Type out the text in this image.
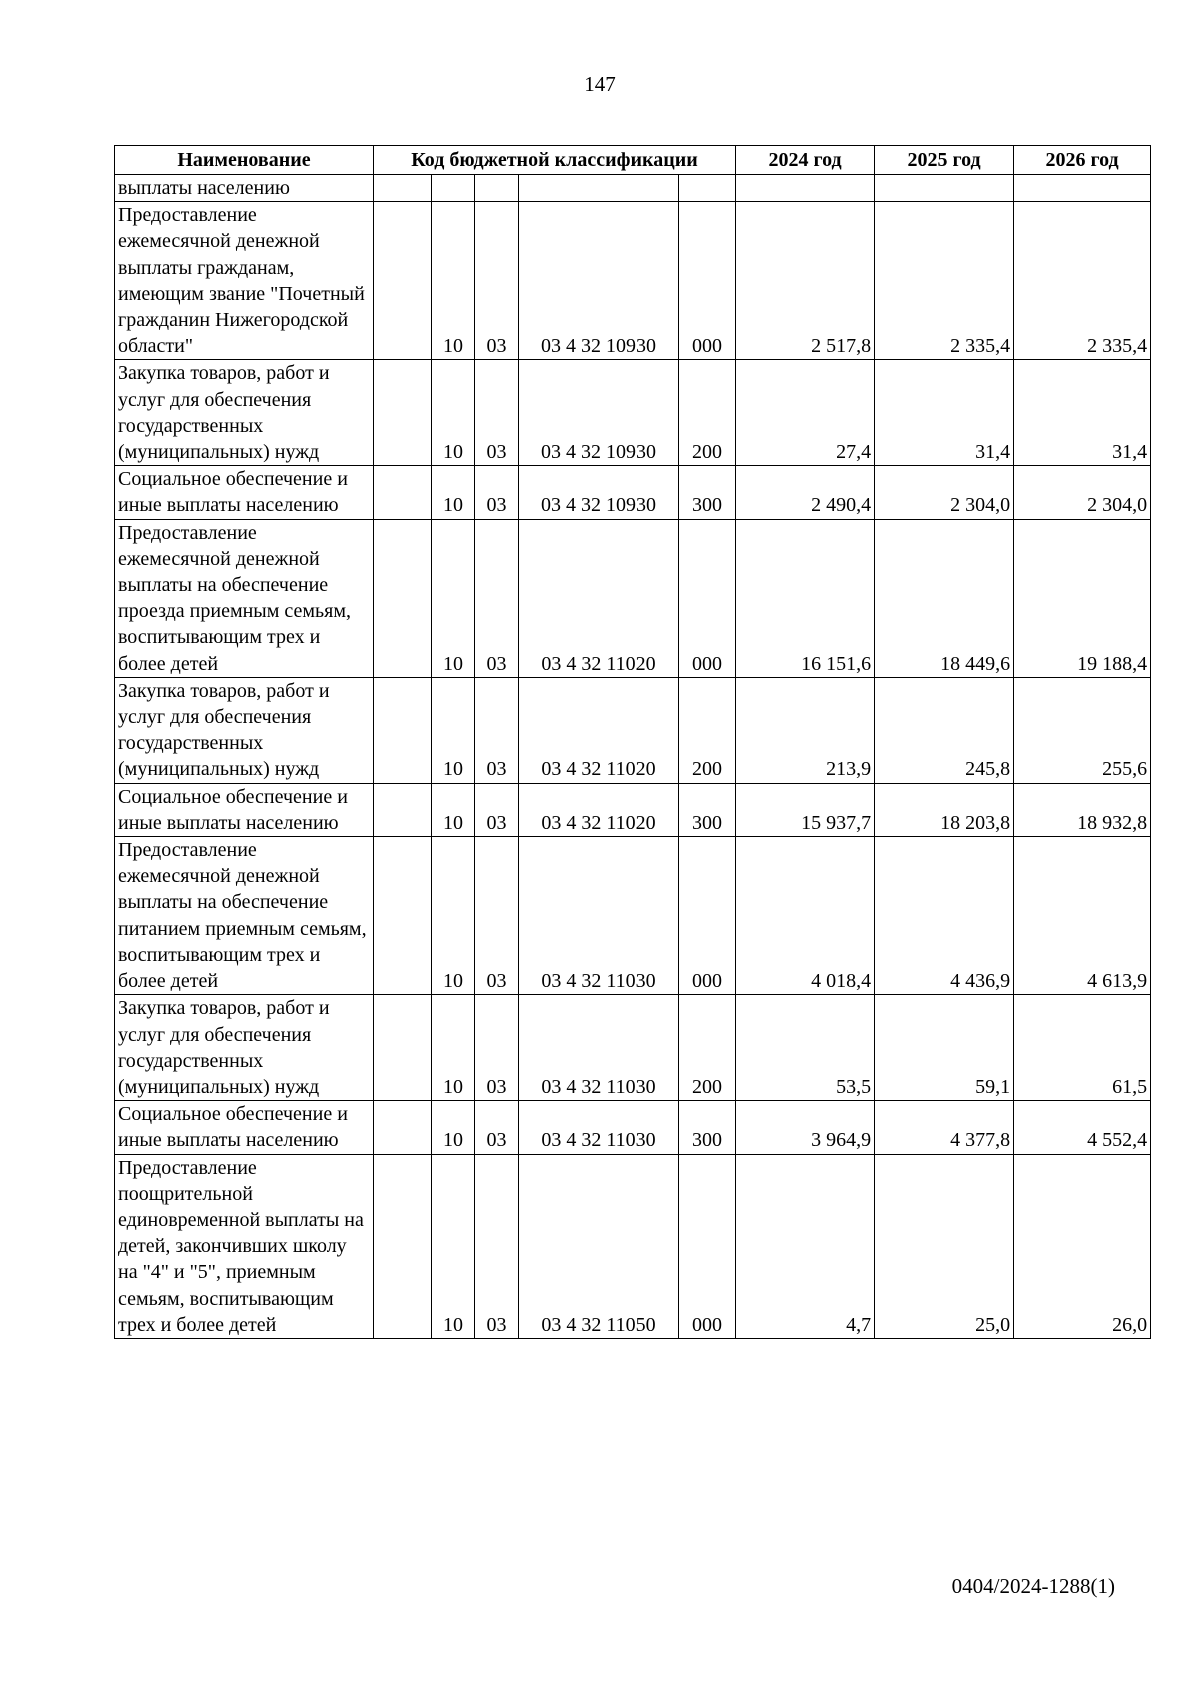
147
Наименование	Код бюджетной классификации					2024 год	2025 год	2026 год
выплаты населению								
Предоставление ежемесячной денежной выплаты гражданам, имеющим звание "Почетный гражданин Нижегородской области"		10	03	03 4 32 10930	000	2 517,8	2 335,4	2 335,4
Закупка товаров, работ и услуг для обеспечения государственных (муниципальных) нужд		10	03	03 4 32 10930	200	27,4	31,4	31,4
Социальное обеспечение и иные выплаты населению		10	03	03 4 32 10930	300	2 490,4	2 304,0	2 304,0
Предоставление ежемесячной денежной выплаты на обеспечение проезда приемным семьям, воспитывающим трех и более детей		10	03	03 4 32 11020	000	16 151,6	18 449,6	19 188,4
Закупка товаров, работ и услуг для обеспечения государственных (муниципальных) нужд		10	03	03 4 32 11020	200	213,9	245,8	255,6
Социальное обеспечение и иные выплаты населению		10	03	03 4 32 11020	300	15 937,7	18 203,8	18 932,8
Предоставление ежемесячной денежной выплаты на обеспечение питанием приемным семьям, воспитывающим трех и более детей		10	03	03 4 32 11030	000	4 018,4	4 436,9	4 613,9
Закупка товаров, работ и услуг для обеспечения государственных (муниципальных) нужд		10	03	03 4 32 11030	200	53,5	59,1	61,5
Социальное обеспечение и иные выплаты населению		10	03	03 4 32 11030	300	3 964,9	4 377,8	4 552,4
Предоставление поощрительной единовременной выплаты на детей, закончивших школу на "4" и "5", приемным семьям, воспитывающим трех и более детей		10	03	03 4 32 11050	000	4,7	25,0	26,0
0404/2024-1288(1)
